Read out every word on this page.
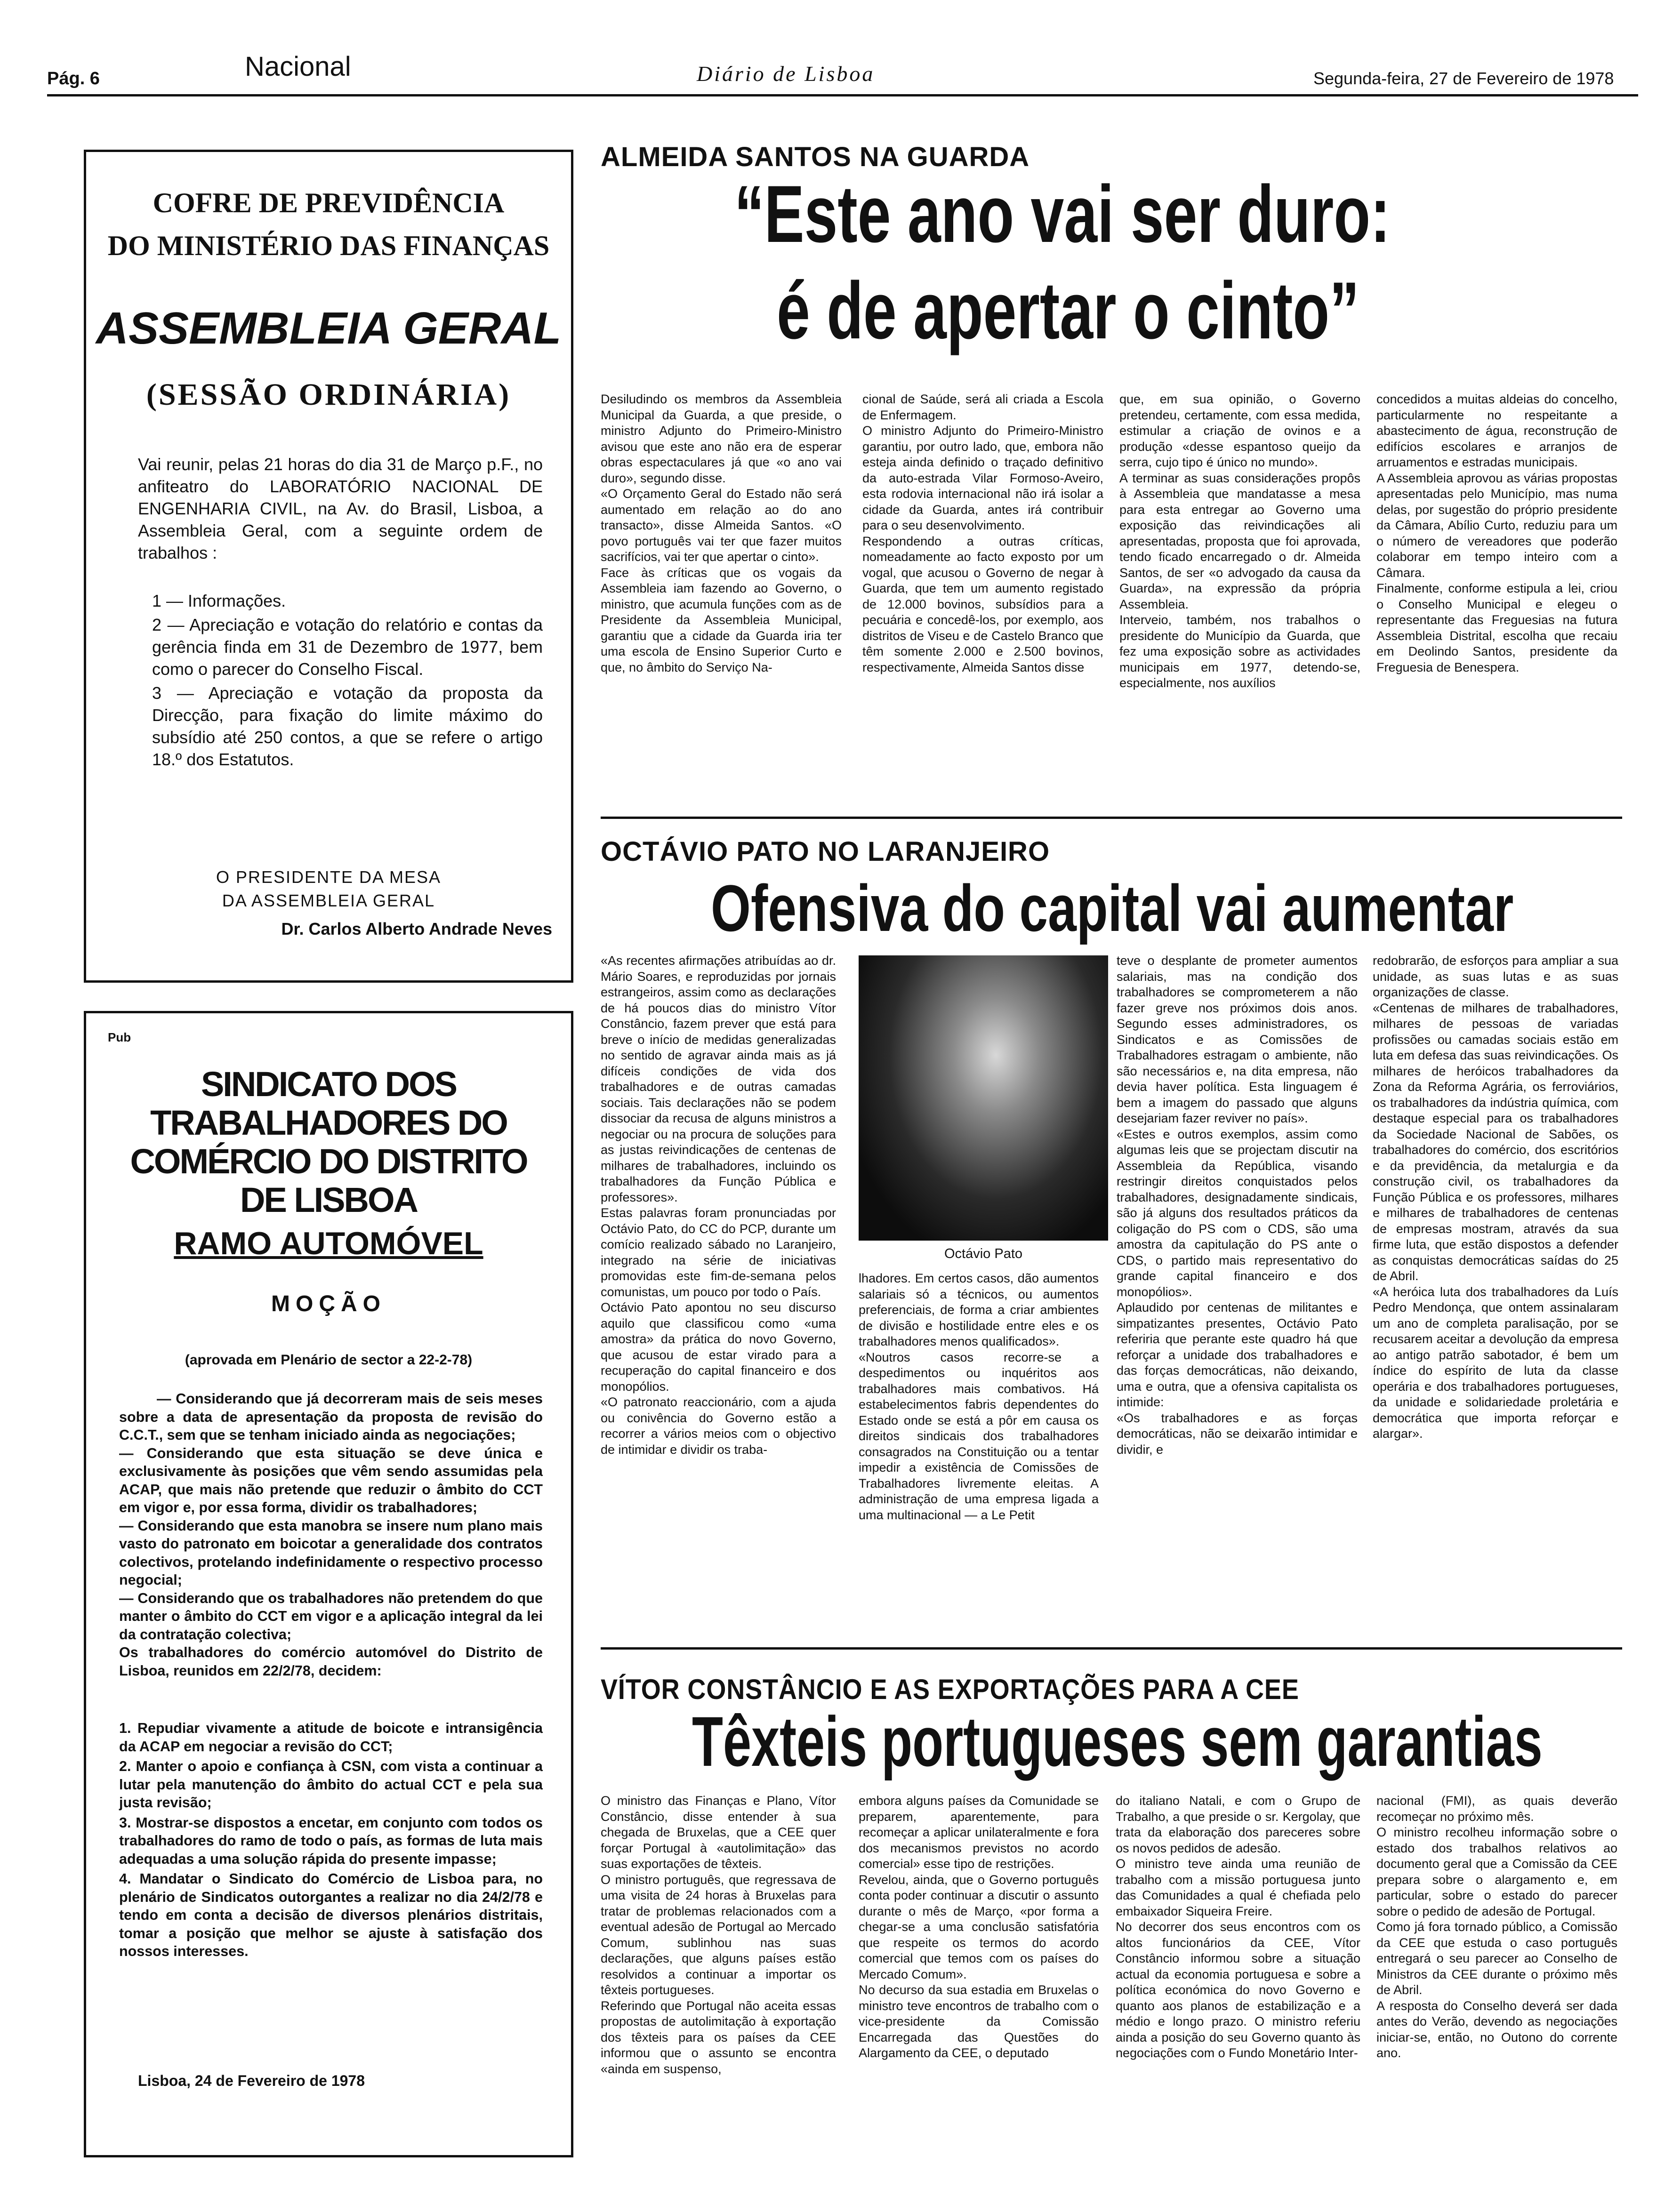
Pág. 6	Nacional	Diário de Lisboa	Segunda-feira, 27 de Fevereiro de 1978
COFRE DE PREVIDÊNCIA
DO MINISTÉRIO DAS FINANÇAS
ASSEMBLEIA GERAL
(SESSÃO ORDINÁRIA)
Vai reunir, pelas 21 horas do dia 31 de Março p.F., no anfiteatro do LABORATÓRIO NACIONAL DE ENGENHARIA CIVIL, na Av. do Brasil, Lisboa, a Assembleia Geral, com a seguinte ordem de trabalhos :
1 — Informações.
2 — Apreciação e votação do relatório e contas da gerência finda em 31 de Dezembro de 1977, bem como o parecer do Conselho Fiscal.
3 — Apreciação e votação da proposta da Direcção, para fixação do limite máximo do subsídio até 250 contos, a que se refere o artigo 18.º dos Estatutos.
O PRESIDENTE DA MESA
DA ASSEMBLEIA GERAL
Dr. Carlos Alberto Andrade Neves
Pub
SINDICATO DOS TRABALHADORES DO COMÉRCIO DO DISTRITO DE LISBOA
RAMO AUTOMÓVEL
MOÇÃO
(aprovada em Plenário de sector a 22-2-78)
— Considerando que já decorreram mais de seis meses sobre a data de apresentação da proposta de revisão do C.C.T., sem que se tenham iniciado ainda as negociações;
— Considerando que esta situação se deve única e exclusivamente às posições que vêm sendo assumidas pela ACAP, que mais não pretende que reduzir o âmbito do CCT em vigor e, por essa forma, dividir os trabalhadores;
— Considerando que esta manobra se insere num plano mais vasto do patronato em boicotar a generalidade dos contratos colectivos, protelando indefinidamente o respectivo processo negocial;
— Considerando que os trabalhadores não pretendem do que manter o âmbito do CCT em vigor e a aplicação integral da lei da contratação colectiva;
Os trabalhadores do comércio automóvel do Distrito de Lisboa, reunidos em 22/2/78, decidem:
1. Repudiar vivamente a atitude de boicote e intransigência da ACAP em negociar a revisão do CCT;
2. Manter o apoio e confiança à CSN, com vista a continuar a lutar pela manutenção do âmbito do actual CCT e pela sua justa revisão;
3. Mostrar-se dispostos a encetar, em conjunto com todos os trabalhadores do ramo de todo o país, as formas de luta mais adequadas a uma solução rápida do presente impasse;
4. Mandatar o Sindicato do Comércio de Lisboa para, no plenário de Sindicatos outorgantes a realizar no dia 24/2/78 e tendo em conta a decisão de diversos plenários distritais, tomar a posição que melhor se ajuste à satisfação dos nossos interesses.
Lisboa, 24 de Fevereiro de 1978
ALMEIDA SANTOS NA GUARDA
“Este ano vai ser duro:
é de apertar o cinto”
Desiludindo os membros da Assembleia Municipal da Guarda, a que preside, o ministro Adjunto do Primeiro-Ministro avisou que este ano não era de esperar obras espectaculares já que «o ano vai duro», segundo disse.
«O Orçamento Geral do Estado não será aumentado em relação ao do ano transacto», disse Almeida Santos. «O povo português vai ter que fazer muitos sacrifícios, vai ter que apertar o cinto».
Face às críticas que os vogais da Assembleia iam fazendo ao Governo, o ministro, que acumula funções com as de Presidente da Assembleia Municipal, garantiu que a cidade da Guarda iria ter uma escola de Ensino Superior Curto e que, no âmbito do Serviço Na-
cional de Saúde, será ali criada a Escola de Enfermagem.
O ministro Adjunto do Primeiro-Ministro garantiu, por outro lado, que, embora não esteja ainda definido o traçado definitivo da auto-estrada Vilar Formoso-Aveiro, esta rodovia internacional não irá isolar a cidade da Guarda, antes irá contribuir para o seu desenvolvimento.
Respondendo a outras críticas, nomeadamente ao facto exposto por um vogal, que acusou o Governo de negar à Guarda, que tem um aumento registado de 12.000 bovinos, subsídios para a pecuária e concedê-los, por exemplo, aos distritos de Viseu e de Castelo Branco que têm somente 2.000 e 2.500 bovinos, respectivamente, Almeida Santos disse
que, em sua opinião, o Governo pretendeu, certamente, com essa medida, estimular a criação de ovinos e a produção «desse espantoso queijo da serra, cujo tipo é único no mundo».
A terminar as suas considerações propôs à Assembleia que mandatasse a mesa para esta entregar ao Governo uma exposição das reivindicações ali apresentadas, proposta que foi aprovada, tendo ficado encarregado o dr. Almeida Santos, de ser «o advogado da causa da Guarda», na expressão da própria Assembleia.
Interveio, também, nos trabalhos o presidente do Município da Guarda, que fez uma exposição sobre as actividades municipais em 1977, detendo-se, especialmente, nos auxílios
concedidos a muitas aldeias do concelho, particularmente no respeitante a abastecimento de água, reconstrução de edifícios escolares e arranjos de arruamentos e estradas municipais.
A Assembleia aprovou as várias propostas apresentadas pelo Município, mas numa delas, por sugestão do próprio presidente da Câmara, Abílio Curto, reduziu para um o número de vereadores que poderão colaborar em tempo inteiro com a Câmara.
Finalmente, conforme estipula a lei, criou o Conselho Municipal e elegeu o representante das Freguesias na futura Assembleia Distrital, escolha que recaiu em Deolindo Santos, presidente da Freguesia de Benespera.
OCTÁVIO PATO NO LARANJEIRO
Ofensiva do capital vai aumentar
«As recentes afirmações atribuídas ao dr. Mário Soares, e reproduzidas por jornais estrangeiros, assim como as declarações de há poucos dias do ministro Vítor Constâncio, fazem prever que está para breve o início de medidas generalizadas no sentido de agravar ainda mais as já difíceis condições de vida dos trabalhadores e de outras camadas sociais. Tais declarações não se podem dissociar da recusa de alguns ministros a negociar ou na procura de soluções para as justas reivindicações de centenas de milhares de trabalhadores, incluindo os trabalhadores da Função Pública e professores».
Estas palavras foram pronunciadas por Octávio Pato, do CC do PCP, durante um comício realizado sábado no Laranjeiro, integrado na série de iniciativas promovidas este fim-de-semana pelos comunistas, um pouco por todo o País.
Octávio Pato apontou no seu discurso aquilo que classificou como «uma amostra» da prática do novo Governo, que acusou de estar virado para a recuperação do capital financeiro e dos monopólios.
«O patronato reaccionário, com a ajuda ou conivência do Governo estão a recorrer a vários meios com o objectivo de intimidar e dividir os traba-
Octávio Pato
lhadores. Em certos casos, dão aumentos salariais só a técnicos, ou aumentos preferenciais, de forma a criar ambientes de divisão e hostilidade entre eles e os trabalhadores menos qualificados».
«Noutros casos recorre-se a despedimentos ou inquéritos aos trabalhadores mais combativos. Há estabelecimentos fabris dependentes do Estado onde se está a pôr em causa os direitos sindicais dos trabalhadores consagrados na Constituição ou a tentar impedir a existência de Comissões de Trabalhadores livremente eleitas. A administração de uma empresa ligada a uma multinacional — a Le Petit
teve o desplante de prometer aumentos salariais, mas na condição dos trabalhadores se comprometerem a não fazer greve nos próximos dois anos. Segundo esses administradores, os Sindicatos e as Comissões de Trabalhadores estragam o ambiente, não são necessários e, na dita empresa, não devia haver política. Esta linguagem é bem a imagem do passado que alguns desejariam fazer reviver no país».
«Estes e outros exemplos, assim como algumas leis que se projectam discutir na Assembleia da República, visando restringir direitos conquistados pelos trabalhadores, designadamente sindicais, são já alguns dos resultados práticos da coligação do PS com o CDS, são uma amostra da capitulação do PS ante o CDS, o partido mais representativo do grande capital financeiro e dos monopólios».
Aplaudido por centenas de militantes e simpatizantes presentes, Octávio Pato referiria que perante este quadro há que reforçar a unidade dos trabalhadores e das forças democráticas, não deixando, uma e outra, que a ofensiva capitalista os intimide:
«Os trabalhadores e as forças democráticas, não se deixarão intimidar e dividir, e
redobrarão, de esforços para ampliar a sua unidade, as suas lutas e as suas organizações de classe.
«Centenas de milhares de trabalhadores, milhares de pessoas de variadas profissões ou camadas sociais estão em luta em defesa das suas reivindicações. Os milhares de heróicos trabalhadores da Zona da Reforma Agrária, os ferroviários, os trabalhadores da indústria química, com destaque especial para os trabalhadores da Sociedade Nacional de Sabões, os trabalhadores do comércio, dos escritórios e da previdência, da metalurgia e da construção civil, os trabalhadores da Função Pública e os professores, milhares e milhares de trabalhadores de centenas de empresas mostram, através da sua firme luta, que estão dispostos a defender as conquistas democráticas saídas do 25 de Abril.
«A heróica luta dos trabalhadores da Luís Pedro Mendonça, que ontem assinalaram um ano de completa paralisação, por se recusarem aceitar a devolução da empresa ao antigo patrão sabotador, é bem um índice do espírito de luta da classe operária e dos trabalhadores portugueses, da unidade e solidariedade proletária e democrática que importa reforçar e alargar».
VÍTOR CONSTÂNCIO E AS EXPORTAÇÕES PARA A CEE
Têxteis portugueses sem garantias
O ministro das Finanças e Plano, Vítor Constâncio, disse entender à sua chegada de Bruxelas, que a CEE quer forçar Portugal à «autolimitação» das suas exportações de têxteis.
O ministro português, que regressava de uma visita de 24 horas à Bruxelas para tratar de problemas relacionados com a eventual adesão de Portugal ao Mercado Comum, sublinhou nas suas declarações, que alguns países estão resolvidos a continuar a importar os têxteis portugueses.
Referindo que Portugal não aceita essas propostas de autolimitação à exportação dos têxteis para os países da CEE informou que o assunto se encontra «ainda em suspenso,
embora alguns países da Comunidade se preparem, aparentemente, para recomeçar a aplicar unilateralmente e fora dos mecanismos previstos no acordo comercial» esse tipo de restrições.
Revelou, ainda, que o Governo português conta poder continuar a discutir o assunto durante o mês de Março, «por forma a chegar-se a uma conclusão satisfatória que respeite os termos do acordo comercial que temos com os países do Mercado Comum».
No decurso da sua estadia em Bruxelas o ministro teve encontros de trabalho com o vice-presidente da Comissão Encarregada das Questões do Alargamento da CEE, o deputado
do italiano Natali, e com o Grupo de Trabalho, a que preside o sr. Kergolay, que trata da elaboração dos pareceres sobre os novos pedidos de adesão.
O ministro teve ainda uma reunião de trabalho com a missão portuguesa junto das Comunidades a qual é chefiada pelo embaixador Siqueira Freire.
No decorrer dos seus encontros com os altos funcionários da CEE, Vítor Constâncio informou sobre a situação actual da economia portuguesa e sobre a política económica do novo Governo e quanto aos planos de estabilização e a médio e longo prazo. O ministro referiu ainda a posição do seu Governo quanto às negociações com o Fundo Monetário Inter-
nacional (FMI), as quais deverão recomeçar no próximo mês.
O ministro recolheu informação sobre o estado dos trabalhos relativos ao documento geral que a Comissão da CEE prepara sobre o alargamento e, em particular, sobre o estado do parecer sobre o pedido de adesão de Portugal.
Como já fora tornado público, a Comissão da CEE que estuda o caso português entregará o seu parecer ao Conselho de Ministros da CEE durante o próximo mês de Abril.
A resposta do Conselho deverá ser dada antes do Verão, devendo as negociações iniciar-se, então, no Outono do corrente ano.
